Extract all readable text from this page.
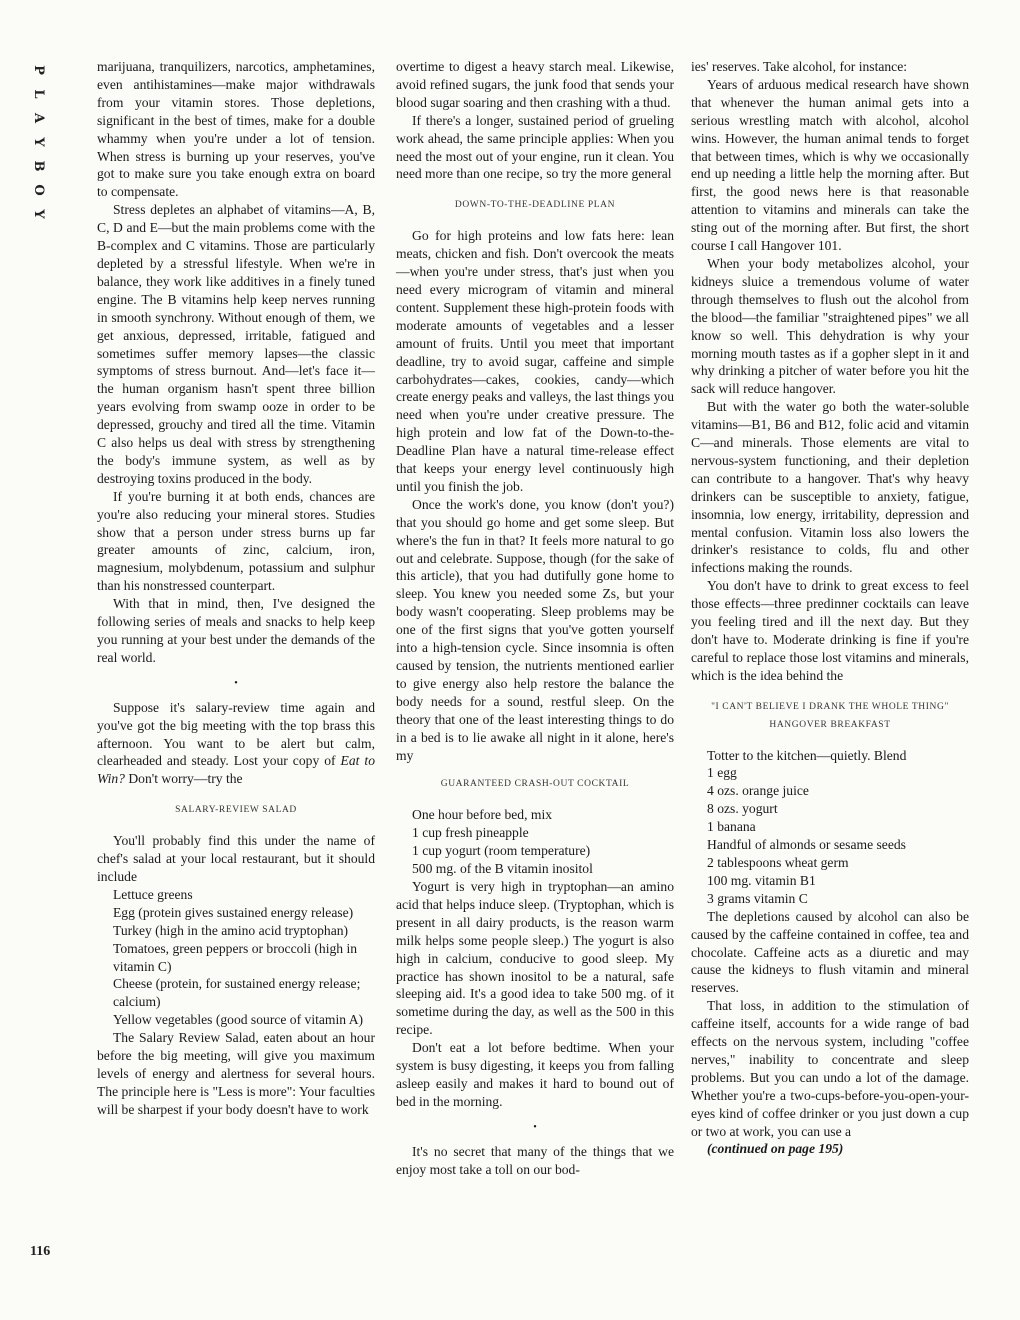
P
L
A
Y
B
O
Y
116

marijuana, tranquilizers, narcotics, amphetamines, even antihistamines—make major withdrawals from your vitamin stores. Those depletions, significant in the best of times, make for a double whammy when you're under a lot of tension. When stress is burning up your reserves, you've got to make sure you take enough extra on board to compensate.

Stress depletes an alphabet of vitamins—A, B, C, D and E—but the main problems come with the B-complex and C vitamins. Those are particularly depleted by a stressful lifestyle. When we're in balance, they work like additives in a finely tuned engine. The B vitamins help keep nerves running in smooth synchrony. Without enough of them, we get anxious, depressed, irritable, fatigued and sometimes suffer memory lapses—the classic symptoms of stress burnout. And—let's face it—the human organism hasn't spent three billion years evolving from swamp ooze in order to be depressed, grouchy and tired all the time. Vitamin C also helps us deal with stress by strengthening the body's immune system, as well as by destroying toxins produced in the body.

If you're burning it at both ends, chances are you're also reducing your mineral stores. Studies show that a person under stress burns up far greater amounts of zinc, calcium, iron, magnesium, molybdenum, potassium and sulphur than his nonstressed counterpart.

With that in mind, then, I've designed the following series of meals and snacks to help keep you running at your best under the demands of the real world.

•

Suppose it's salary-review time again and you've got the big meeting with the top brass this afternoon. You want to be alert but calm, clearheaded and steady. Lost your copy of Eat to Win? Don't worry—try the

SALARY-REVIEW SALAD

You'll probably find this under the name of chef's salad at your local restaurant, but it should include

Lettuce greens

Egg (protein gives sustained energy release)

Turkey (high in the amino acid tryptophan)

Tomatoes, green peppers or broccoli (high in vitamin C)

Cheese (protein, for sustained energy release; calcium)

Yellow vegetables (good source of vitamin A)

The Salary Review Salad, eaten about an hour before the big meeting, will give you maximum levels of energy and alertness for several hours. The principle here is "Less is more": Your faculties will be sharpest if your body doesn't have to work

overtime to digest a heavy starch meal. Likewise, avoid refined sugars, the junk food that sends your blood sugar soaring and then crashing with a thud.

If there's a longer, sustained period of grueling work ahead, the same principle applies: When you need the most out of your engine, run it clean. You need more than one recipe, so try the more general

DOWN-TO-THE-DEADLINE PLAN

Go for high proteins and low fats here: lean meats, chicken and fish. Don't overcook the meats—when you're under stress, that's just when you need every microgram of vitamin and mineral content. Supplement these high-protein foods with moderate amounts of vegetables and a lesser amount of fruits. Until you meet that important deadline, try to avoid sugar, caffeine and simple carbohydrates—cakes, cookies, candy—which create energy peaks and valleys, the last things you need when you're under creative pressure. The high protein and low fat of the Down-to-the-Deadline Plan have a natural time-release effect that keeps your energy level continuously high until you finish the job.

Once the work's done, you know (don't you?) that you should go home and get some sleep. But where's the fun in that? It feels more natural to go out and celebrate. Suppose, though (for the sake of this article), that you had dutifully gone home to sleep. You knew you needed some Zs, but your body wasn't cooperating. Sleep problems may be one of the first signs that you've gotten yourself into a high-tension cycle. Since insomnia is often caused by tension, the nutrients mentioned earlier to give energy also help restore the balance the body needs for a sound, restful sleep. On the theory that one of the least interesting things to do in a bed is to lie awake all night in it alone, here's my

GUARANTEED CRASH-OUT COCKTAIL

One hour before bed, mix

1 cup fresh pineapple

1 cup yogurt (room temperature)

500 mg. of the B vitamin inositol

Yogurt is very high in tryptophan—an amino acid that helps induce sleep. (Tryptophan, which is present in all dairy products, is the reason warm milk helps some people sleep.) The yogurt is also high in calcium, conducive to good sleep. My practice has shown inositol to be a natural, safe sleeping aid. It's a good idea to take 500 mg. of it sometime during the day, as well as the 500 in this recipe.

Don't eat a lot before bedtime. When your system is busy digesting, it keeps you from falling asleep easily and makes it hard to bound out of bed in the morning.

•

It's no secret that many of the things that we enjoy most take a toll on our bod-

ies' reserves. Take alcohol, for instance:

Years of arduous medical research have shown that whenever the human animal gets into a serious wrestling match with alcohol, alcohol wins. However, the human animal tends to forget that between times, which is why we occasionally end up needing a little help the morning after. But first, the good news here is that reasonable attention to vitamins and minerals can take the sting out of the morning after. But first, the short course I call Hangover 101.

When your body metabolizes alcohol, your kidneys sluice a tremendous volume of water through themselves to flush out the alcohol from the blood—the familiar "straightened pipes" we all know so well. This dehydration is why your morning mouth tastes as if a gopher slept in it and why drinking a pitcher of water before you hit the sack will reduce hangover.

But with the water go both the water-soluble vitamins—B1, B6 and B12, folic acid and vitamin C—and minerals. Those elements are vital to nervous-system functioning, and their depletion can contribute to a hangover. That's why heavy drinkers can be susceptible to anxiety, fatigue, insomnia, low energy, irritability, depression and mental confusion. Vitamin loss also lowers the drinker's resistance to colds, flu and other infections making the rounds.

You don't have to drink to great excess to feel those effects—three predinner cocktails can leave you feeling tired and ill the next day. But they don't have to. Moderate drinking is fine if you're careful to replace those lost vitamins and minerals, which is the idea behind the

"I CAN'T BELIEVE I DRANK THE WHOLE THING"
HANGOVER BREAKFAST

Totter to the kitchen—quietly. Blend

1 egg

4 ozs. orange juice

8 ozs. yogurt

1 banana

Handful of almonds or sesame seeds

2 tablespoons wheat germ

100 mg. vitamin B1

3 grams vitamin C

The depletions caused by alcohol can also be caused by the caffeine contained in coffee, tea and chocolate. Caffeine acts as a diuretic and may cause the kidneys to flush vitamin and mineral reserves.

That loss, in addition to the stimulation of caffeine itself, accounts for a wide range of bad effects on the nervous system, including "coffee nerves," inability to concentrate and sleep problems. But you can undo a lot of the damage. Whether you're a two-cups-before-you-open-your-eyes kind of coffee drinker or you just down a cup or two at work, you can use a

(continued on page 195)
